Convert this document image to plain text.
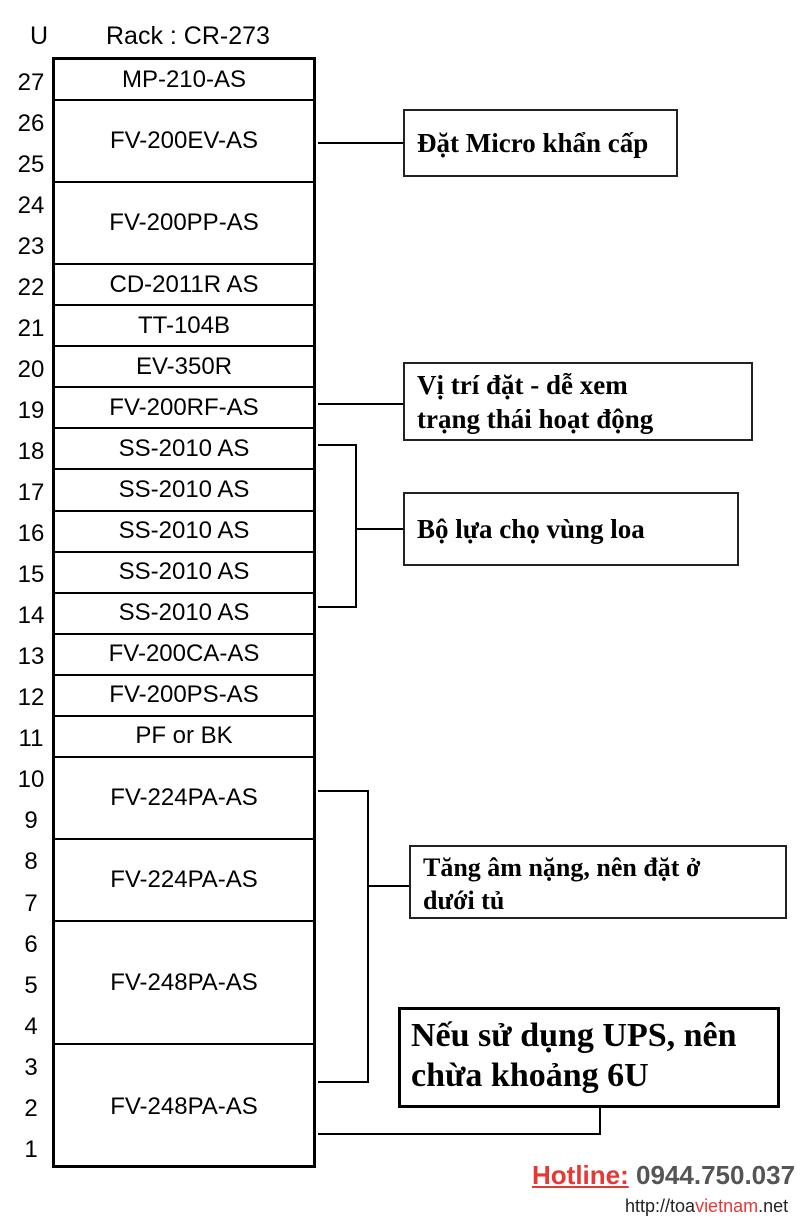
U Rack : CR-273
27
26
25
24
23
22
21
20
19
18
17
16
15
14
13
12
11
10
9
8
7
6
5
4
3
2
1
MP-210-AS
FV-200EV-AS
FV-200PP-AS
CD-2011R AS
TT-104B
EV-350R
FV-200RF-AS
SS-2010 AS
SS-2010 AS
SS-2010 AS
SS-2010 AS
SS-2010 AS
FV-200CA-AS
FV-200PS-AS
PF or BK
FV-224PA-AS
FV-224PA-AS
FV-248PA-AS
FV-248PA-AS
Đặt Micro khẩn cấp
Vị trí đặt - dễ xem
trạng thái hoạt động
Bộ lựa chọ vùng loa
Tăng âm nặng, nên đặt ở
dưới tủ
Nếu sử dụng UPS, nên
chừa khoảng 6U
Hotline: 0944.750.037
http://toavietnam.net
